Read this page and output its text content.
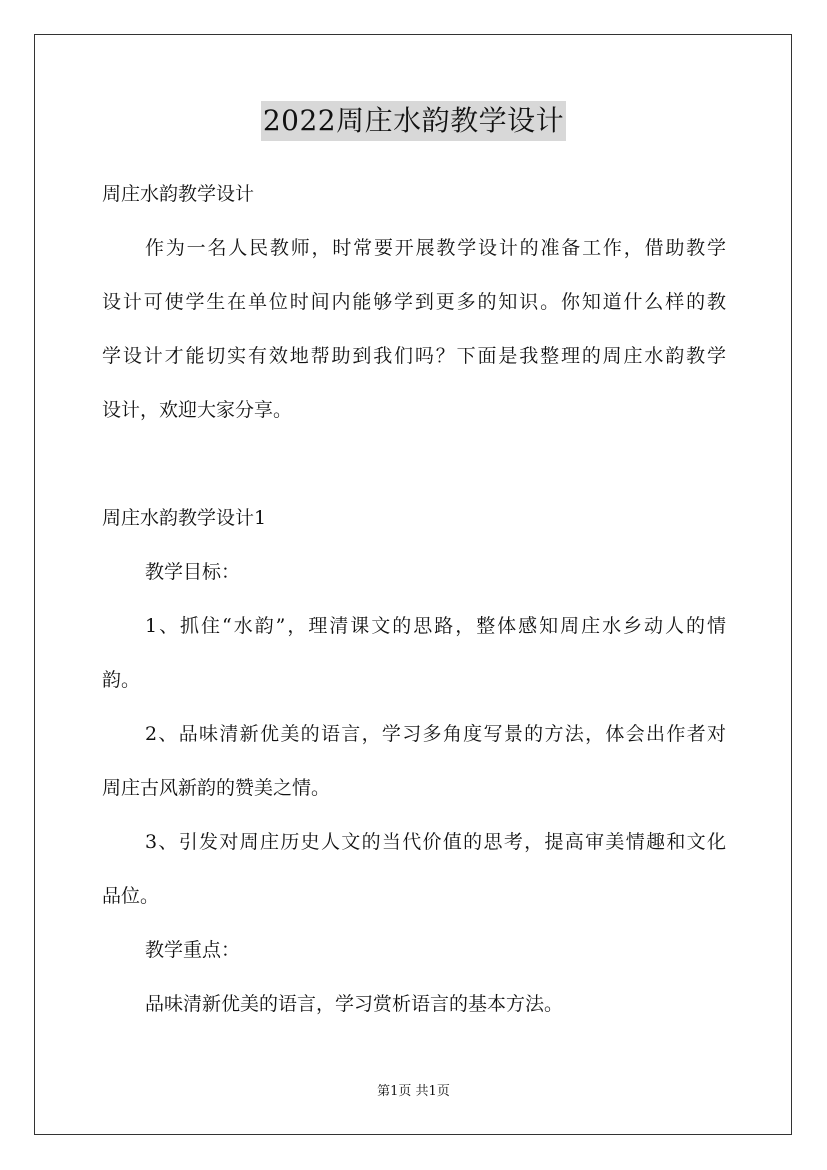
2022周庄水韵教学设计

周庄水韵教学设计

作为一名人民教师，时常要开展教学设计的准备工作，借助教学

设计可使学生在单位时间内能够学到更多的知识。你知道什么样的教

学设计才能切实有效地帮助到我们吗？下面是我整理的周庄水韵教学

设计，欢迎大家分享。

周庄水韵教学设计1

教学目标：

1、抓住“水韵”，理清课文的思路，整体感知周庄水乡动人的情

韵。

2、品味清新优美的语言，学习多角度写景的方法，体会出作者对

周庄古风新韵的赞美之情。

3、引发对周庄历史人文的当代价值的思考，提高审美情趣和文化

品位。

教学重点：

品味清新优美的语言，学习赏析语言的基本方法。

第1页 共1页
